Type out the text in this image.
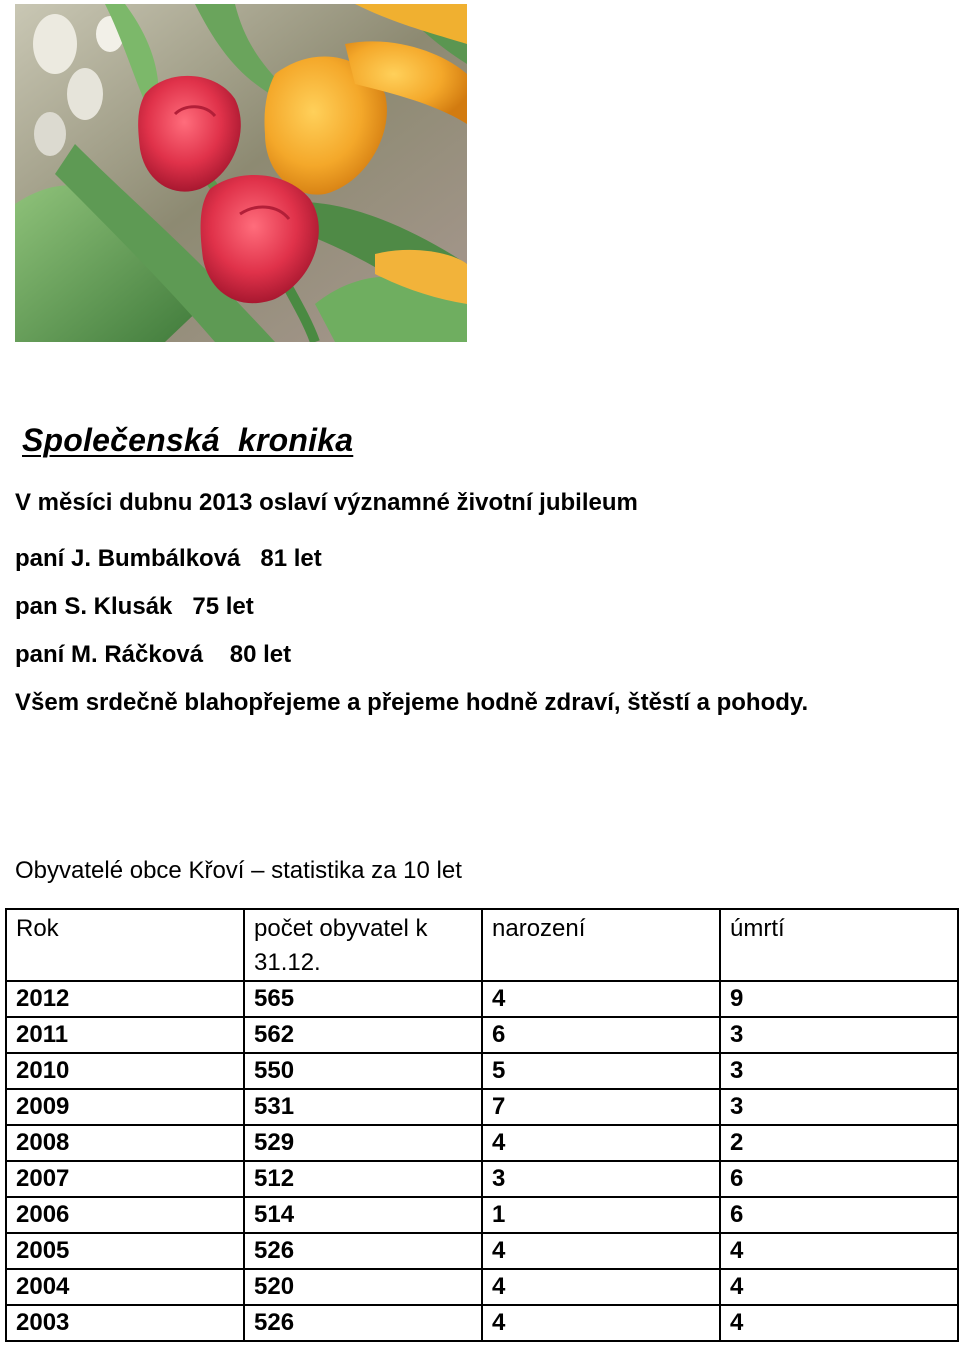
Společenská  kronika

V měsíci dubnu 2013 oslaví významné životní jubileum

paní J. Bumbálková   81 let

pan S. Klusák   75 let

paní M. Ráčková    80 let

Všem srdečně blahopřejeme a přejeme hodně zdraví, štěstí a pohody.

Obyvatelé obce Křoví – statistika za 10 let

Rok	počet obyvatel k 31.12.	narození	úmrtí
2012	565	4	9
2011	562	6	3
2010	550	5	3
2009	531	7	3
2008	529	4	2
2007	512	3	6
2006	514	1	6
2005	526	4	4
2004	520	4	4
2003	526	4	4
